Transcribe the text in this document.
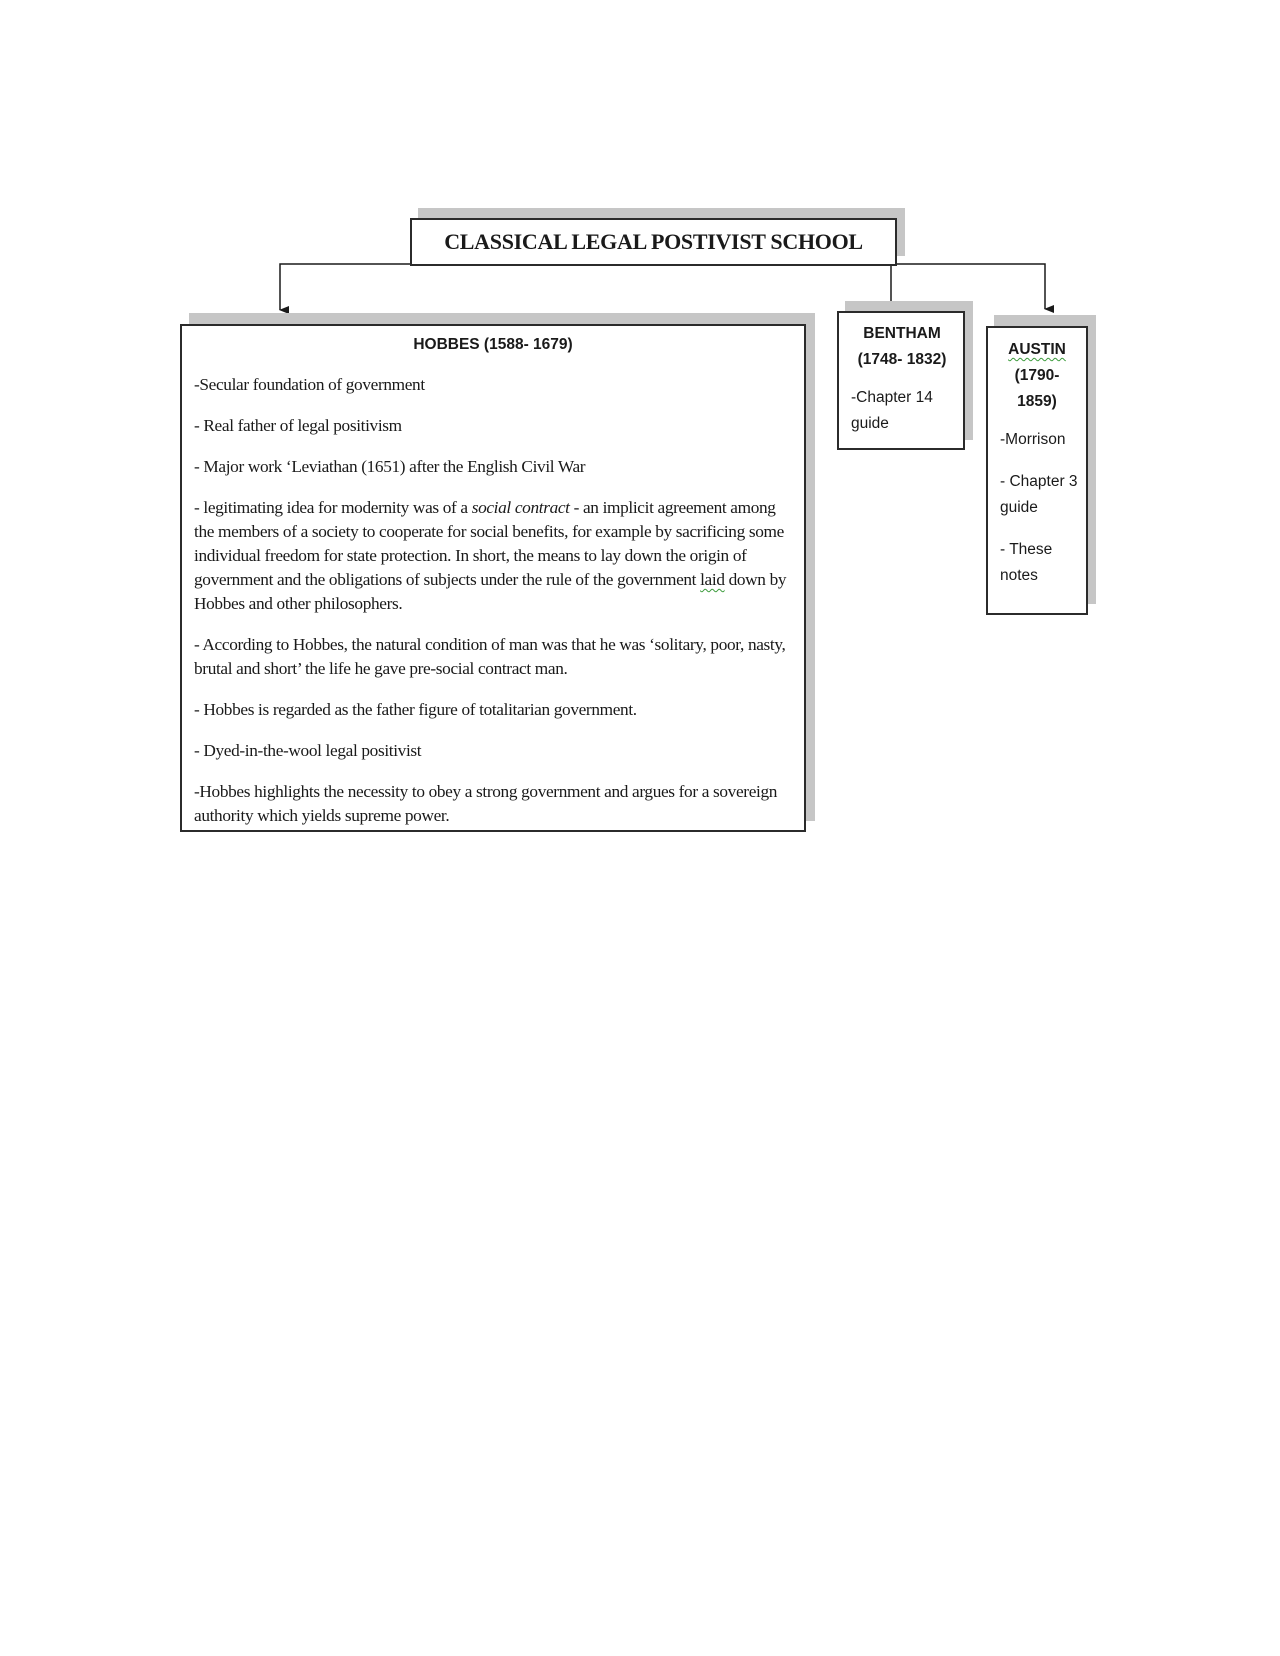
CLASSICAL LEGAL POSTIVIST SCHOOL
HOBBES (1588- 1679)

-Secular foundation of government

- Real father of legal positivism

- Major work ‘Leviathan (1651) after the English Civil War

- legitimating idea for modernity was of a social contract - an implicit agreement among the members of a society to cooperate for social benefits, for example by sacrificing some individual freedom for state protection. In short, the means to lay down the origin of government and the obligations of subjects under the rule of the government laid down by Hobbes and other philosophers.

- According to Hobbes, the natural condition of man was that he was ‘solitary, poor, nasty, brutal and short’ the life he gave pre-social contract man.

- Hobbes is regarded as the father figure of totalitarian government.

- Dyed-in-the-wool legal positivist

-Hobbes highlights the necessity to obey a strong government and argues for a sovereign authority which yields supreme power.

BENTHAM
(1748- 1832)
-Chapter 14 guide
AUSTIN
(1790- 1859)
-Morrison
- Chapter 3 guide
- These notes
